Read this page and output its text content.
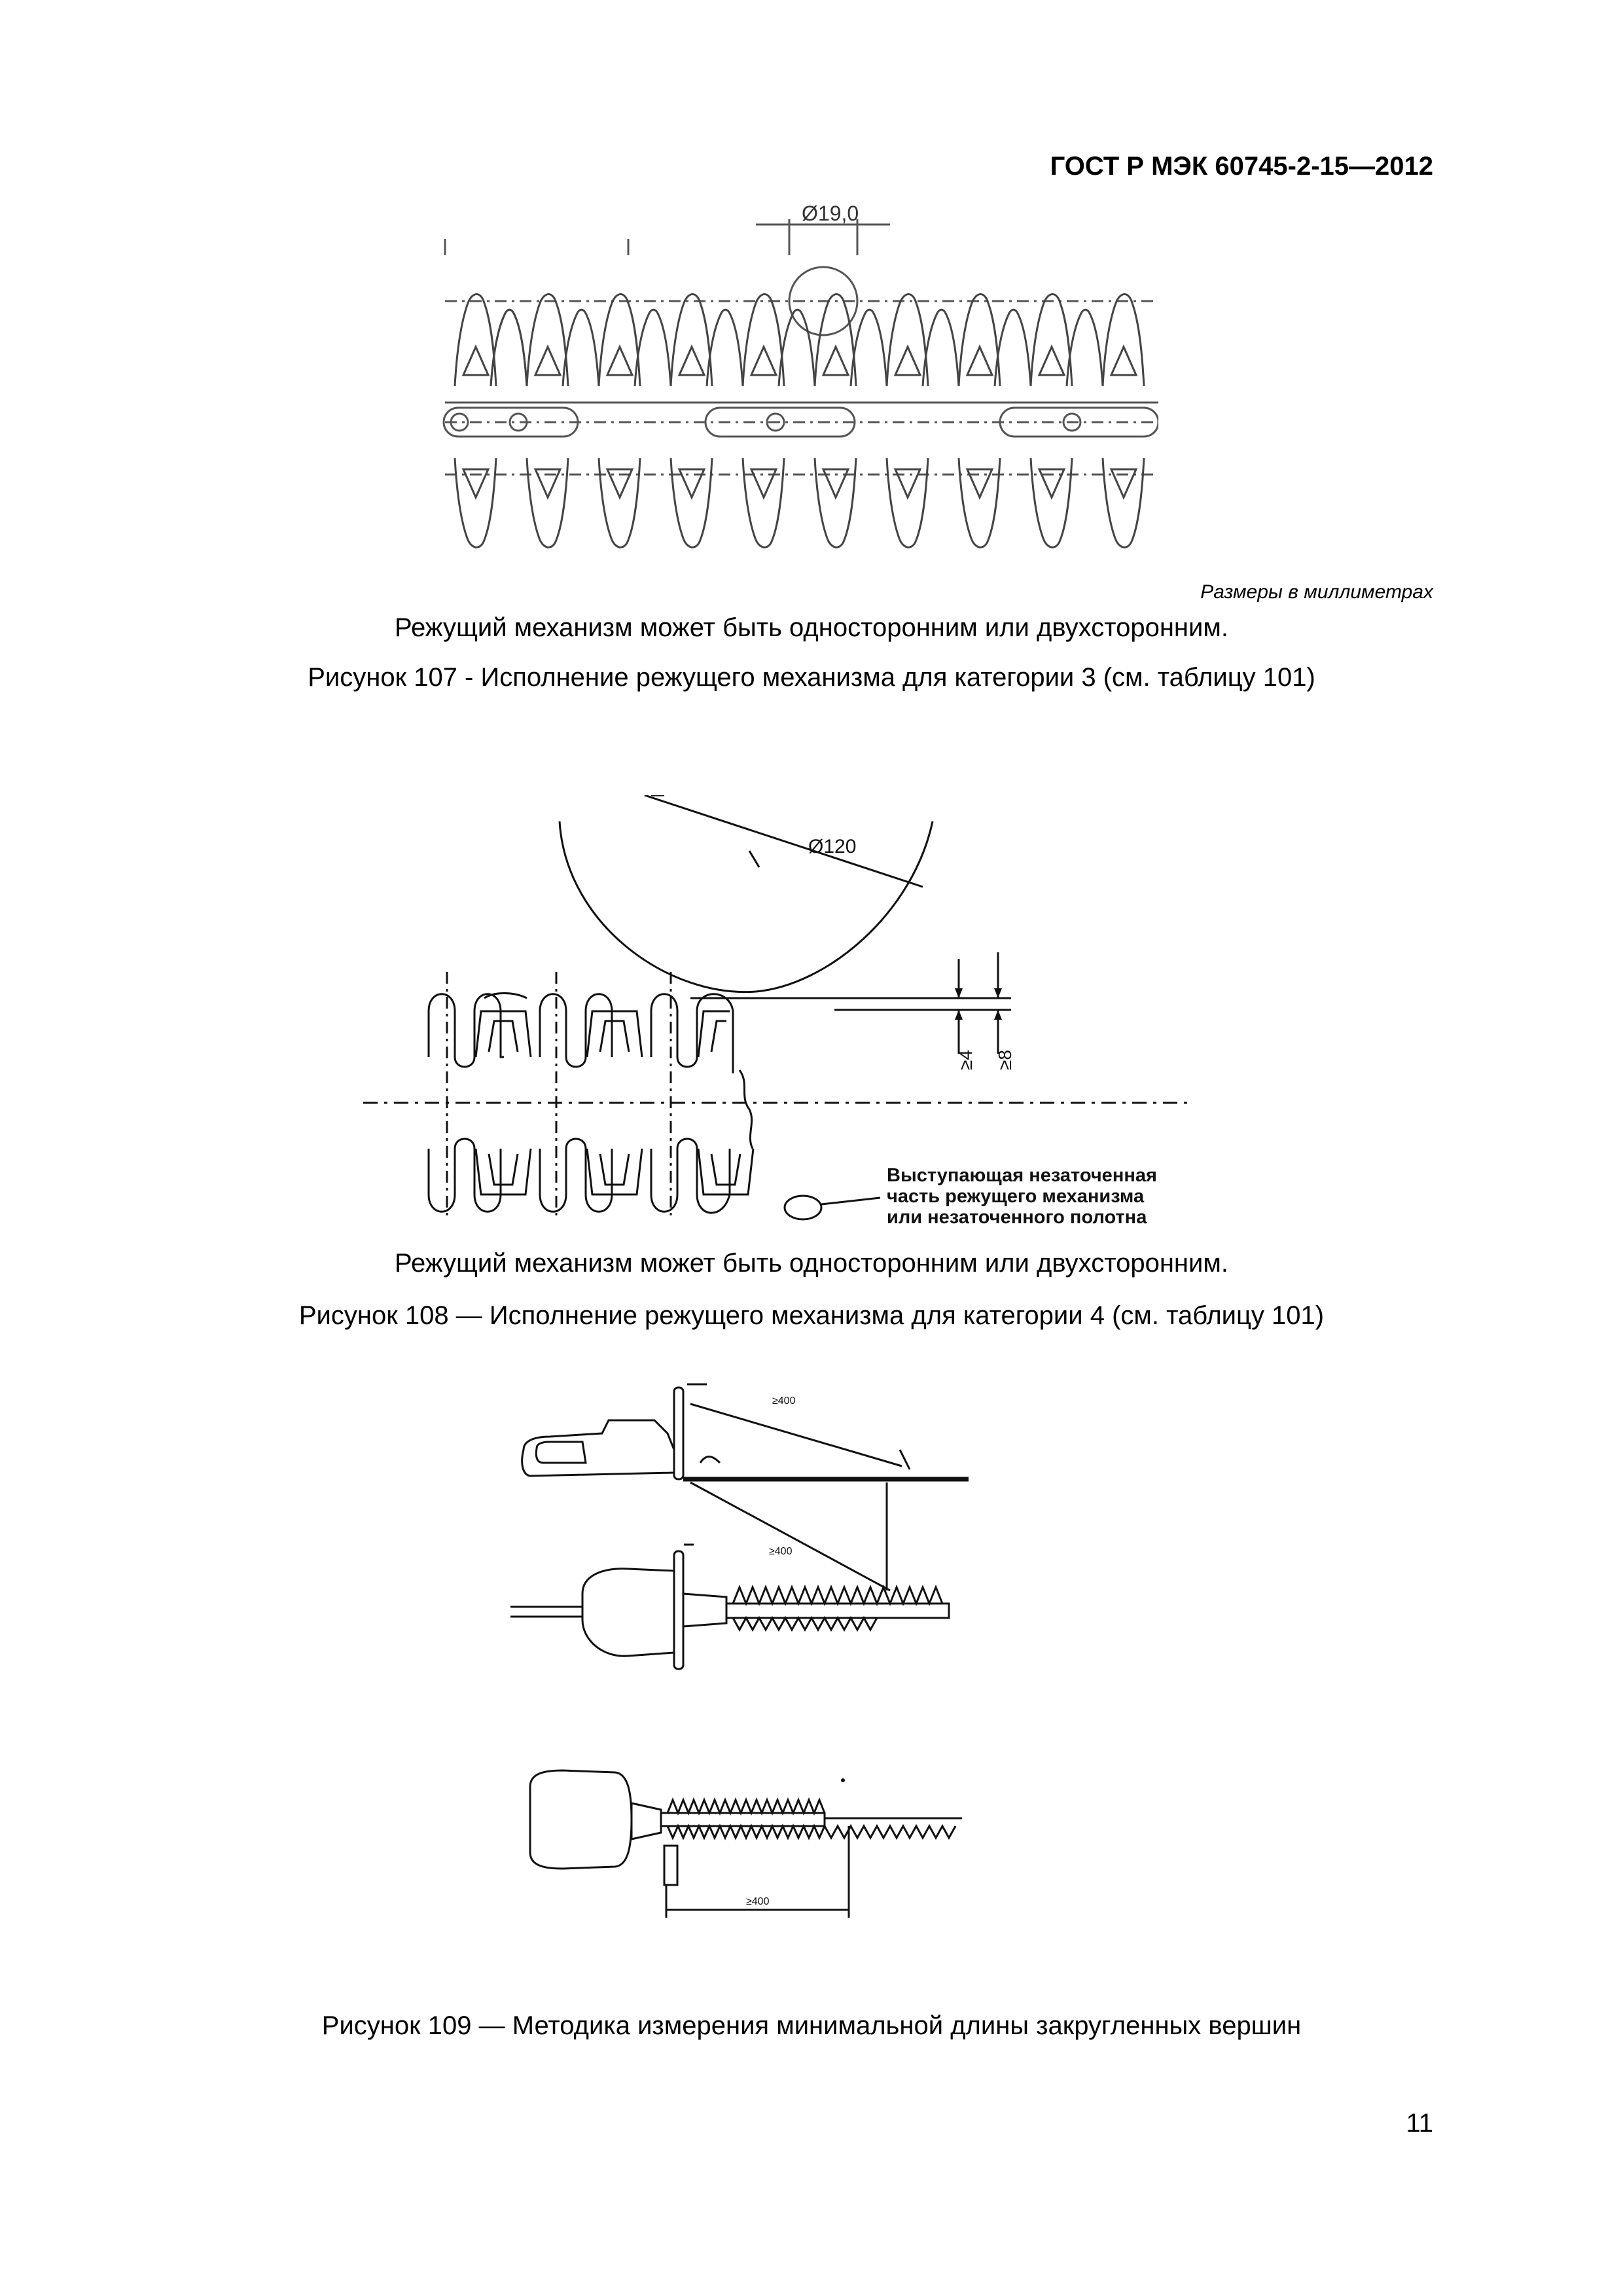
ГОСТ Р МЭК 60745-2-15—2012
Ø19,0
Размеры в миллиметрах
Режущий механизм может быть односторонним или двухсторонним.
Рисунок 107 - Исполнение режущего механизма для категории 3 (см. таблицу 101)
Ø120
≥4 ≥8
Выступающая незаточенная
часть режущего механизма
или незаточенного полотна
Режущий механизм может быть односторонним или двухсторонним.
Рисунок 108 — Исполнение режущего механизма для категории 4 (см. таблицу 101)
≥400
≥400
≥400
Рисунок 109 — Методика измерения минимальной длины закругленных вершин
11
